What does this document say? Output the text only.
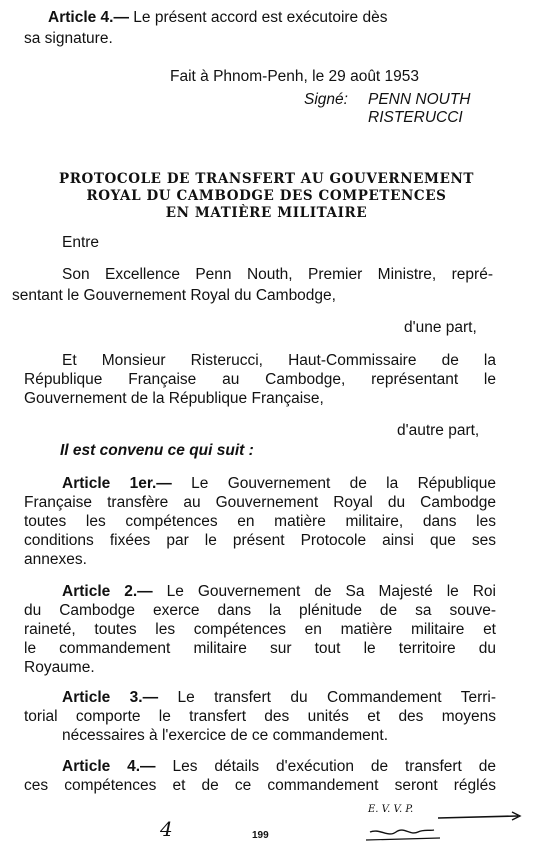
Article 4.— Le présent accord est exécutoire dès
sa signature.
Fait à Phnom-Penh, le 29 août 1953
Signé: PENN NOUTH
RISTERUCCI
PROTOCOLE DE TRANSFERT AU GOUVERNEMENT
ROYAL DU CAMBODGE DES COMPETENCES
EN MATIÈRE MILITAIRE
Entre
Son Excellence Penn Nouth, Premier Ministre, repré-
sentant le Gouvernement Royal du Cambodge,
d'une part,
Et Monsieur Risterucci, Haut-Commissaire de la
République Française au Cambodge, représentant le
Gouvernement de la République Française,
d'autre part,
Il est convenu ce qui suit :
Article 1er.— Le Gouvernement de la République
Française transfère au Gouvernement Royal du Cambodge
toutes les compétences en matière militaire, dans les
conditions fixées par le présent Protocole ainsi que ses
annexes.
Article 2.— Le Gouvernement de Sa Majesté le Roi
du Cambodge exerce dans la plénitude de sa souve-
raineté, toutes les compétences en matière militaire et
le commandement militaire sur tout le territoire du
Royaume.
Article 3.— Le transfert du Commandement Terri-
torial comporte le transfert des unités et des moyens
nécessaires à l'exercice de ce commandement.
Article 4.— Les détails d'exécution de transfert de
ces compétences et de ce commandement seront réglés
4	199
E. V. V. P.
